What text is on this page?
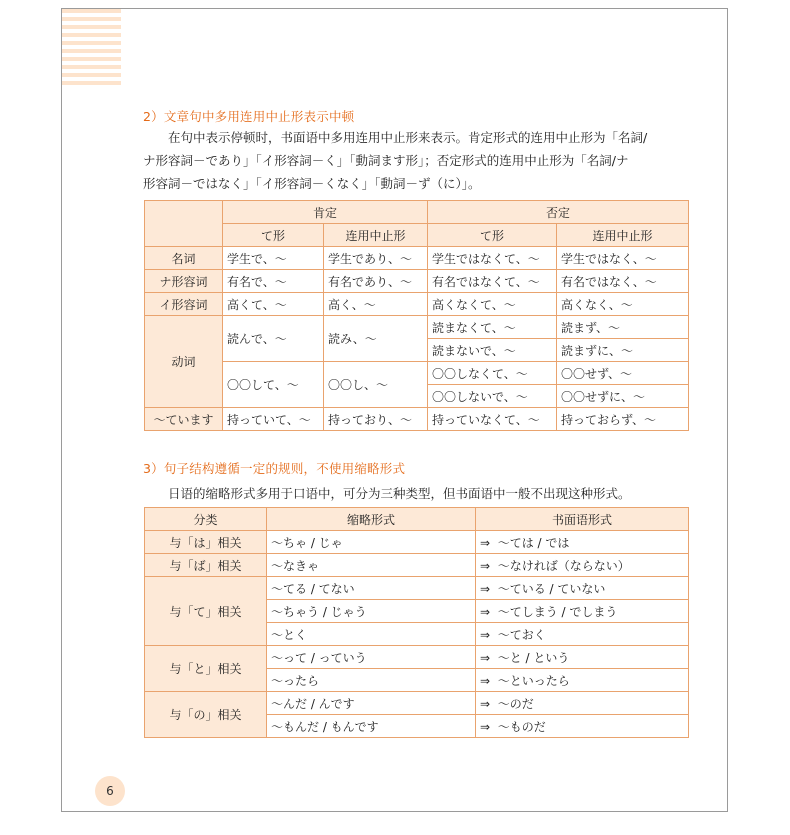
2）文章句中多用连用中止形表示中顿
在句中表示停顿时，书面语中多用连用中止形来表示。肯定形式的连用中止形为「名詞/
ナ形容詞－であり」「イ形容詞－く」「動詞ます形」；否定形式的连用中止形为「名詞/ナ
形容詞－ではなく」「イ形容詞－くなく」「動詞－ず（に）」。
	肯定		否定	
	て形	连用中止形	て形	连用中止形
名词	学生で、～	学生であり、～	学生ではなくて、～	学生ではなく、～
ナ形容词	有名で、～	有名であり、～	有名ではなくて、～	有名ではなく、～
イ形容词	高くて、～	高く、～	高くなくて、～	高くなく、～
动词	読んで、～	読み、～	読まなくて、～	読まず、～
			読まないで、～	読まずに、～
	〇〇して、～	〇〇し、～	〇〇しなくて、～	〇〇せず、～
			〇〇しないで、～	〇〇せずに、～
～ています	持っていて、～	持っており、～	持っていなくて、～	持っておらず、～
3）句子结构遵循一定的规则，不使用缩略形式
日语的缩略形式多用于口语中，可分为三种类型，但书面语中一般不出现这种形式。
分类	缩略形式	书面语形式
与「は」相关	～ちゃ / じゃ	⇒ ～ては / では
与「ば」相关	～なきゃ	⇒ ～なければ（ならない）
与「て」相关	～てる / てない	⇒ ～ている / ていない
	～ちゃう / じゃう	⇒ ～てしまう / でしまう
	～とく	⇒ ～ておく
与「と」相关	～って / っていう	⇒ ～と / という
	～ったら	⇒ ～といったら
与「の」相关	～んだ / んです	⇒ ～のだ
	～もんだ / もんです	⇒ ～ものだ
6
